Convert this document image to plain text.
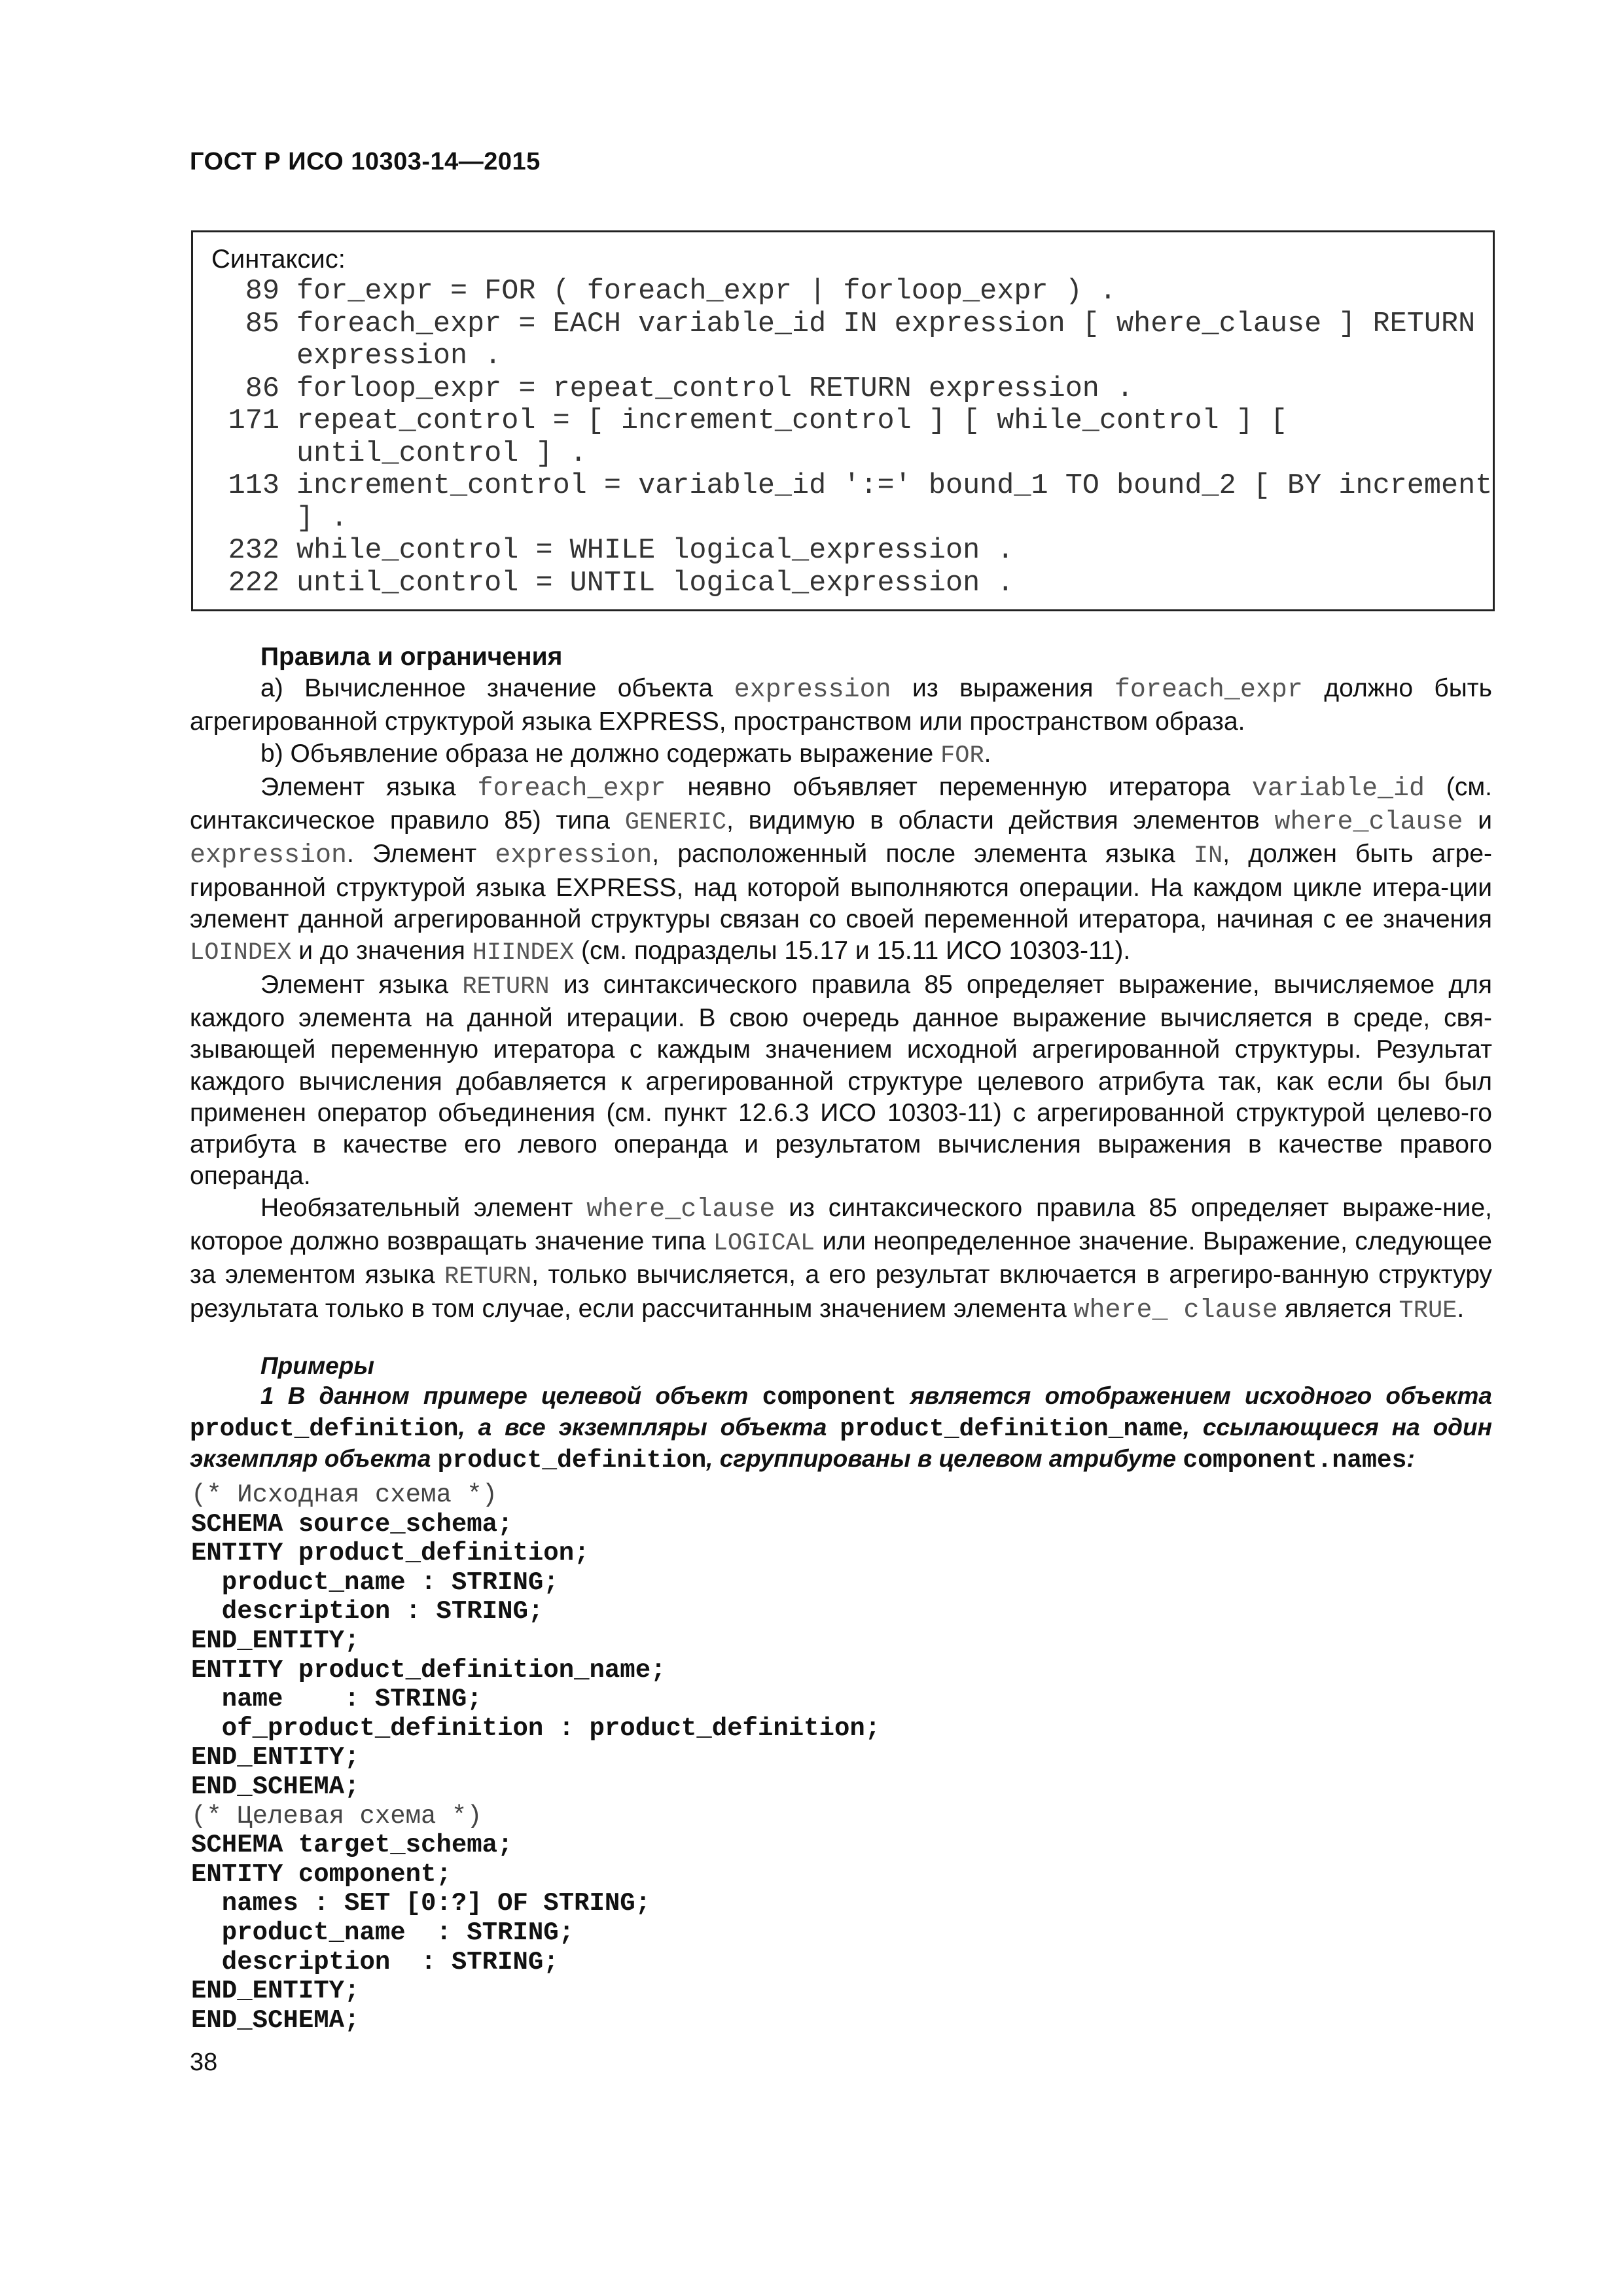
ГОСТ Р ИСО 10303-14—2015
Синтаксис:
89 for_expr = FOR ( foreach_expr | forloop_expr ) .
85 foreach_expr = EACH variable_id IN expression [ where_clause ] RETURN
expression .
86 forloop_expr = repeat_control RETURN expression .
171 repeat_control = [ increment_control ] [ while_control ] [
until_control ] .
113 increment_control = variable_id ':=' bound_1 TO bound_2 [ BY increment
] .
232 while_control = WHILE logical_expression .
222 until_control = UNTIL logical_expression .
Правила и ограничения

a) Вычисленное значение объекта expression из выражения foreach_expr должно быть агрегированной структурой языка EXPRESS, пространством или пространством образа.

b) Объявление образа не должно содержать выражение FOR.

Элемент языка foreach_expr неявно объявляет переменную итератора variable_id (см. синтаксическое правило 85) типа GENERIC, видимую в области действия элементов where_clause и expression. Элемент expression, расположенный после элемента языка IN, должен быть агре-гированной структурой языка EXPRESS, над которой выполняются операции. На каждом цикле итера-ции элемент данной агрегированной структуры связан со своей переменной итератора, начиная с ее значения LOINDEX и до значения HIINDEX (см. подразделы 15.17 и 15.11 ИСО 10303-11).

Элемент языка RETURN из синтаксического правила 85 определяет выражение, вычисляемое для каждого элемента на данной итерации. В свою очередь данное выражение вычисляется в среде, свя-зывающей переменную итератора с каждым значением исходной агрегированной структуры. Результат каждого вычисления добавляется к агрегированной структуре целевого атрибута так, как если бы был применен оператор объединения (см. пункт 12.6.3 ИСО 10303-11) с агрегированной структурой целево-го атрибута в качестве его левого операнда и результатом вычисления выражения в качестве правого операнда.

Необязательный элемент where_clause из синтаксического правила 85 определяет выраже-ние, которое должно возвращать значение типа LOGICAL или неопределенное значение. Выражение, следующее за элементом языка RETURN, только вычисляется, а его результат включается в агрегиро-ванную структуру результата только в том случае, если рассчитанным значением элемента where_ clause является TRUE.

Примеры

1 В данном примере целевой объект component является отображением исходного объекта product_definition, а все экземпляры объекта product_definition_name, ссылающиеся на один экземпляр объекта product_definition, сгруппированы в целевом атрибуте component.names:

(* Исходная схема *)
SCHEMA source_schema;
ENTITY product_definition;
product_name : STRING;
description : STRING;
END_ENTITY;
ENTITY product_definition_name;
name    : STRING;
of_product_definition : product_definition;
END_ENTITY;
END_SCHEMA;
(* Целевая схема *)
SCHEMA target_schema;
ENTITY component;
names : SET [0:?] OF STRING;
product_name  : STRING;
description  : STRING;
END_ENTITY;
END_SCHEMA;
38
